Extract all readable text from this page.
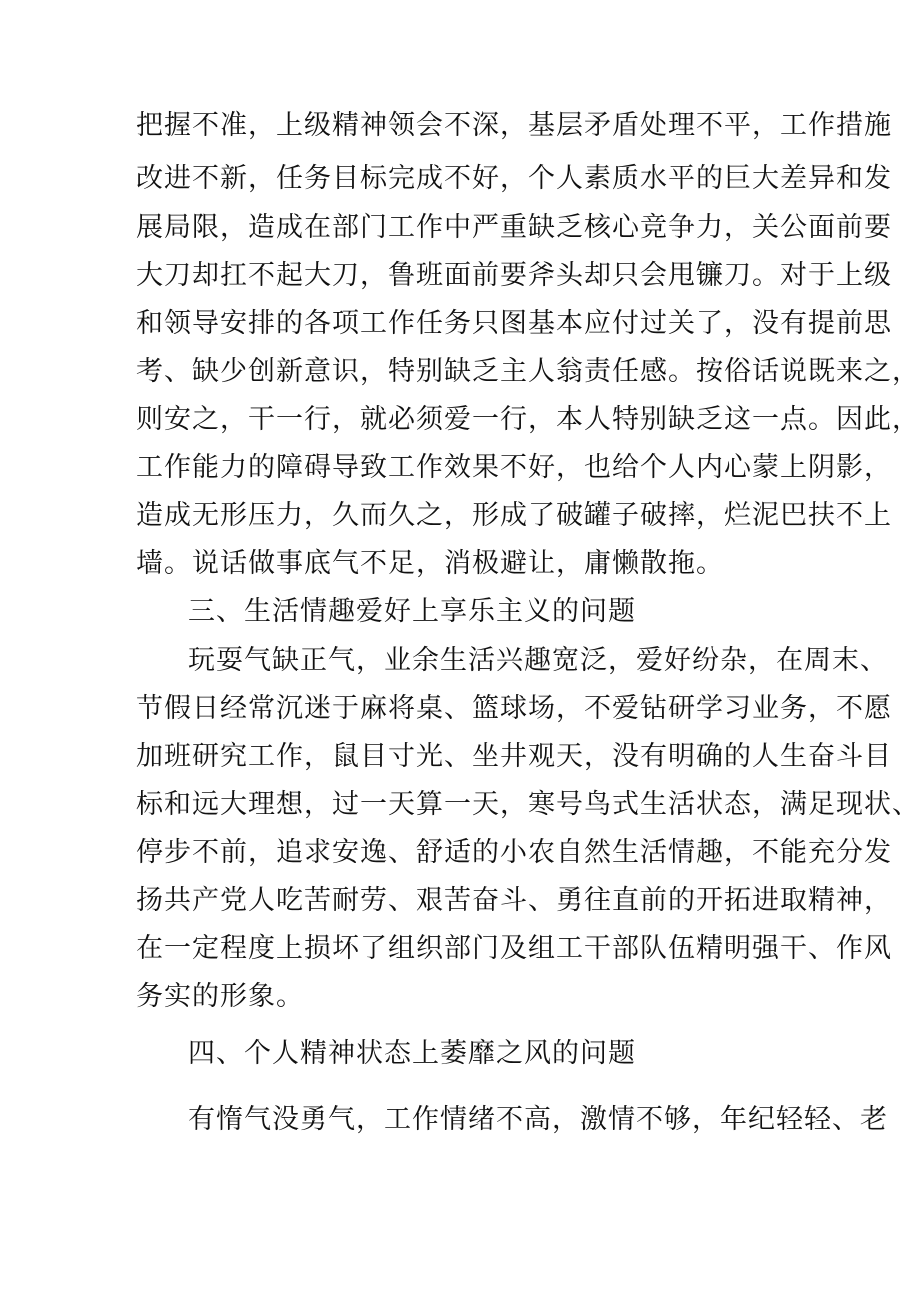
把握不准，上级精神领会不深，基层矛盾处理不平，工作措施
改进不新，任务目标完成不好，个人素质水平的巨大差异和发
展局限，造成在部门工作中严重缺乏核心竞争力，关公面前要
大刀却扛不起大刀，鲁班面前要斧头却只会甩镰刀。对于上级
和领导安排的各项工作任务只图基本应付过关了，没有提前思
考、缺少创新意识，特别缺乏主人翁责任感。按俗话说既来之，
则安之，干一行，就必须爱一行，本人特别缺乏这一点。因此，
工作能力的障碍导致工作效果不好，也给个人内心蒙上阴影，
造成无形压力，久而久之，形成了破罐子破摔，烂泥巴扶不上
墙。说话做事底气不足，消极避让，庸懒散拖。
三、生活情趣爱好上享乐主义的问题
玩耍气缺正气，业余生活兴趣宽泛，爱好纷杂，在周末、
节假日经常沉迷于麻将桌、篮球场，不爱钻研学习业务，不愿
加班研究工作，鼠目寸光、坐井观天，没有明确的人生奋斗目
标和远大理想，过一天算一天，寒号鸟式生活状态，满足现状、
停步不前，追求安逸、舒适的小农自然生活情趣，不能充分发
扬共产党人吃苦耐劳、艰苦奋斗、勇往直前的开拓进取精神，
在一定程度上损坏了组织部门及组工干部队伍精明强干、作风
务实的形象。
四、个人精神状态上萎靡之风的问题
有惰气没勇气，工作情绪不高，激情不够，年纪轻轻、老
